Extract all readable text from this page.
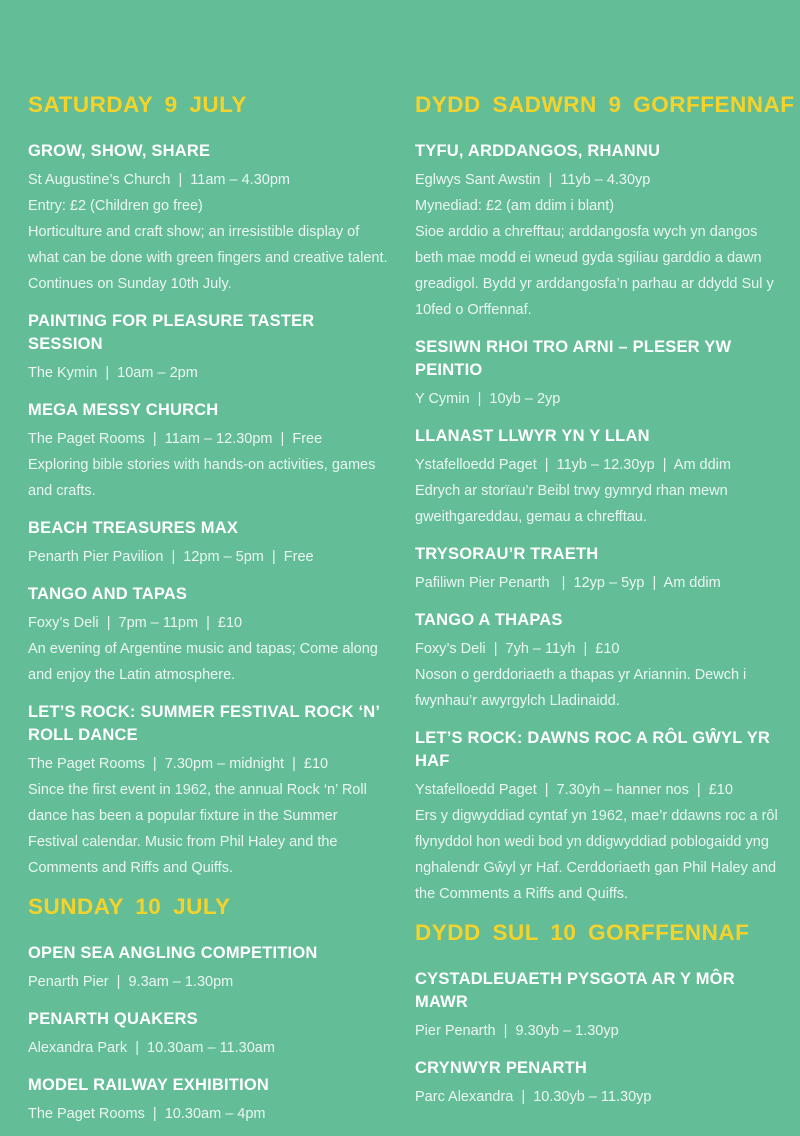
SATURDAY 9 JULY
GROW, SHOW, SHARE

St Augustine’s Church  |  11am – 4.30pm

Entry: £2 (Children go free)

Horticulture and craft show; an irresistible display of what can be done with green fingers and creative talent. Continues on Sunday 10th July.

PAINTING FOR PLEASURE TASTER SESSION

The Kymin  |  10am – 2pm

MEGA MESSY CHURCH

The Paget Rooms  |  11am – 12.30pm  |  Free

Exploring bible stories with hands-on activities, games and crafts.

BEACH TREASURES MAX

Penarth Pier Pavilion  |  12pm – 5pm  |  Free

TANGO AND TAPAS

Foxy’s Deli  |  7pm – 11pm  |  £10

An evening of Argentine music and tapas; Come along and enjoy the Latin atmosphere.

LET’S ROCK: SUMMER FESTIVAL ROCK ‘N’ ROLL DANCE

The Paget Rooms  |  7.30pm – midnight  |  £10

Since the first event in 1962, the annual Rock ‘n’ Roll dance has been a popular fixture in the Summer Festival calendar. Music from Phil Haley and the Comments and Riffs and Quiffs.

SUNDAY 10 JULY
OPEN SEA ANGLING COMPETITION

Penarth Pier  |  9.3am – 1.30pm

PENARTH QUAKERS

Alexandra Park  |  10.30am – 11.30am

MODEL RAILWAY EXHIBITION

The Paget Rooms  |  10.30am – 4pm

DYDD SADWRN 9 GORFFENNAF
TYFU, ARDDANGOS, RHANNU

Eglwys Sant Awstin  |  11yb – 4.30yp

Mynediad: £2 (am ddim i blant)

Sioe arddio a chrefftau; arddangosfa wych yn dangos beth mae modd ei wneud gyda sgiliau garddio a dawn greadigol. Bydd yr arddangosfa’n parhau ar ddydd Sul y 10fed o Orffennaf.

SESIWN RHOI TRO ARNI – PLESER YW PEINTIO

Y Cymin  |  10yb – 2yp

LLANAST LLWYR YN Y LLAN

Ystafelloedd Paget  |  11yb – 12.30yp  |  Am ddim

Edrych ar storïau’r Beibl trwy gymryd rhan mewn gweithgareddau, gemau a chrefftau.

TRYSORAU’R TRAETH

Pafiliwn Pier Penarth   |  12yp – 5yp  |  Am ddim

TANGO A THAPAS

Foxy’s Deli  |  7yh – 11yh  |  £10

Noson o gerddoriaeth a thapas yr Ariannin. Dewch i fwynhau’r awyrgylch Lladinaidd.

LET’S ROCK: DAWNS ROC A RÔL GŴYL YR HAF

Ystafelloedd Paget  |  7.30yh – hanner nos  |  £10

Ers y digwyddiad cyntaf yn 1962, mae’r ddawns roc a rôl flynyddol hon wedi bod yn ddigwyddiad poblogaidd yng nghalendr Gŵyl yr Haf. Cerddoriaeth gan Phil Haley and the Comments a Riffs and Quiffs.

DYDD SUL 10 GORFFENNAF
CYSTADLEUAETH PYSGOTA AR Y MÔR MAWR

Pier Penarth  |  9.30yb – 1.30yp

CRYNWYR PENARTH

Parc Alexandra  |  10.30yb – 11.30yp
